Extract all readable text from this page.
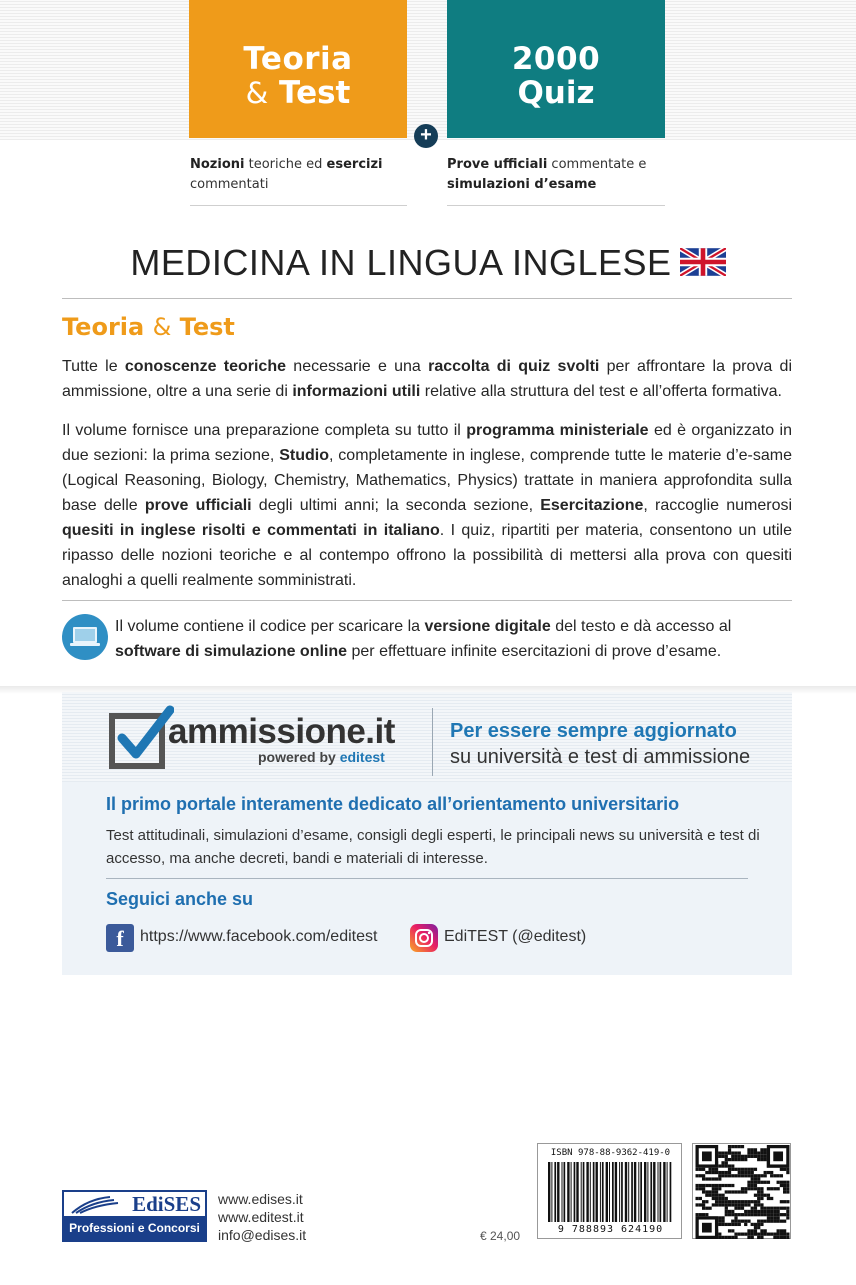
Teoria
& Test
2000
Quiz
+
Nozioni teoriche ed esercizi
commentati
Prove ufficiali commentate e
simulazioni d’esame
MEDICINA IN LINGUA INGLESE
Teoria & Test
Tutte le conoscenze teoriche necessarie e una raccolta di quiz svolti per affrontare la prova di ammissione, oltre a una serie di informazioni utili relative alla struttura del test e all’offerta formativa.
Il volume fornisce una preparazione completa su tutto il programma ministeriale ed è organizzato in due sezioni: la prima sezione, Studio, completamente in inglese, comprende tutte le materie d’e-same (Logical Reasoning, Biology, Chemistry, Mathematics, Physics) trattate in maniera approfondita sulla base delle prove ufficiali degli ultimi anni; la seconda sezione, Esercitazione, raccoglie numerosi quesiti in inglese risolti e commentati in italiano. I quiz, ripartiti per materia, consentono un utile ripasso delle nozioni teoriche e al contempo offrono la possibilità di mettersi alla prova con quesiti analoghi a quelli realmente somministrati.
Il volume contiene il codice per scaricare la versione digitale del testo e dà accesso al software di simulazione online per effettuare infinite esercitazioni di prove d’esame.
ammissione.it
powered by editest
Per essere sempre aggiornato
su università e test di ammissione
Il primo portale interamente dedicato all’orientamento universitario
Test attitudinali, simulazioni d’esame, consigli degli esperti, le principali news su università e test di accesso, ma anche decreti, bandi e materiali di interesse.
Seguici anche su
f	https://www.facebook.com/editest	EdiTEST (@editest)
EdiSES
Professioni e Concorsi
www.edises.it
www.editest.it
info@edises.it	€ 24,00
ISBN 978-88-9362-419-0
9 788893 624190
